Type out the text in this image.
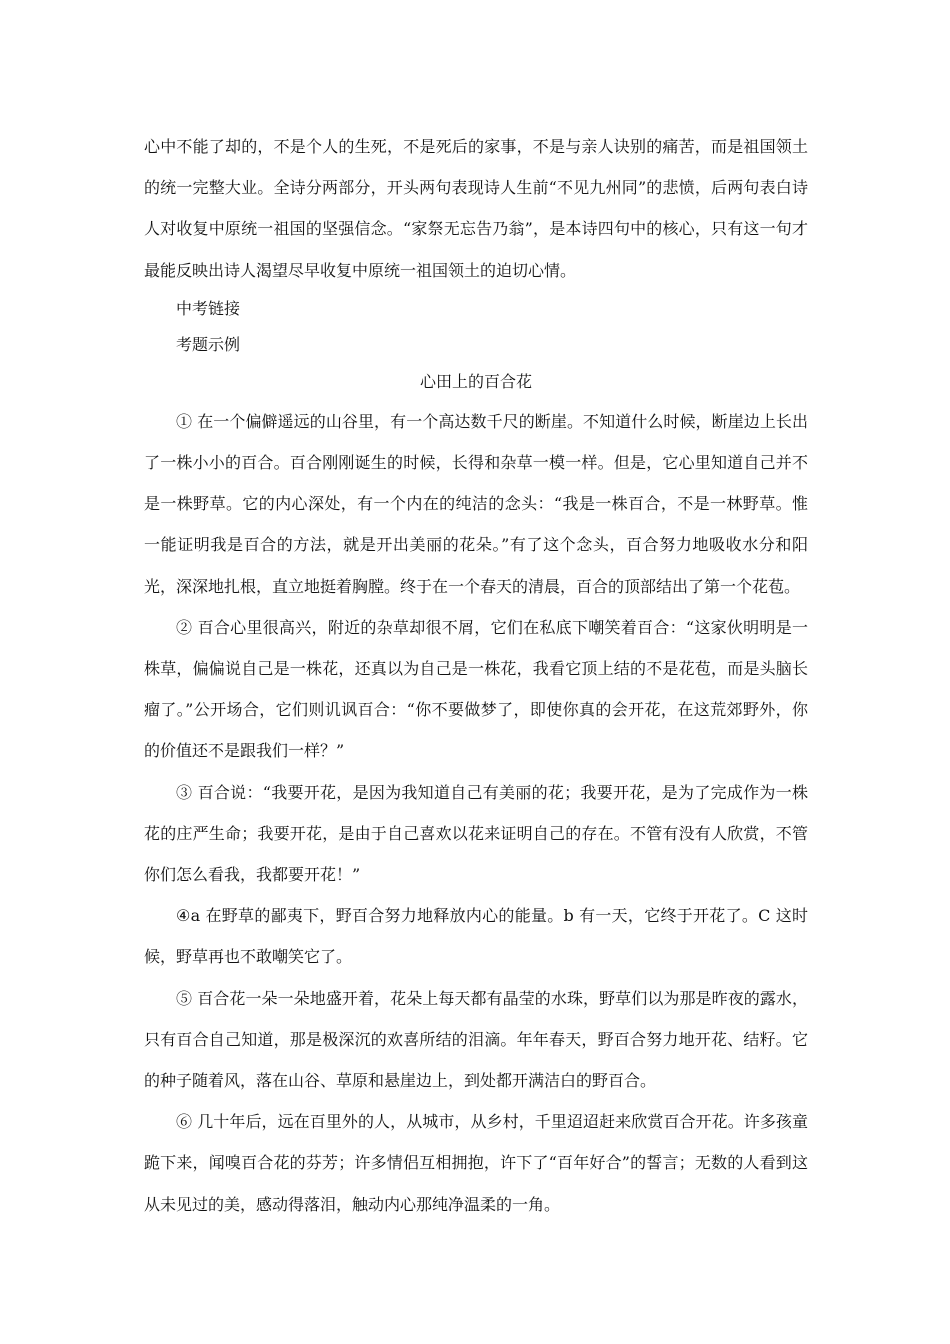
心中不能了却的，不是个人的生死，不是死后的家事，不是与亲人诀别的痛苦，而是祖国领土的统一完整大业。全诗分两部分，开头两句表现诗人生前“不见九州同”的悲愤，后两句表白诗人对收复中原统一祖国的坚强信念。“家祭无忘告乃翁”，是本诗四句中的核心，只有这一句才最能反映出诗人渴望尽早收复中原统一祖国领土的迫切心情。

中考链接

考题示例

心田上的百合花

① 在一个偏僻遥远的山谷里，有一个高达数千尺的断崖。不知道什么时候，断崖边上长出了一株小小的百合。百合刚刚诞生的时候，长得和杂草一模一样。但是，它心里知道自己并不是一株野草。它的内心深处，有一个内在的纯洁的念头：“我是一株百合，不是一林野草。惟一能证明我是百合的方法，就是开出美丽的花朵。”有了这个念头，百合努力地吸收水分和阳光，深深地扎根，直立地挺着胸膛。终于在一个春天的清晨，百合的顶部结出了第一个花苞。

② 百合心里很高兴，附近的杂草却很不屑，它们在私底下嘲笑着百合：“这家伙明明是一株草，偏偏说自己是一株花，还真以为自己是一株花，我看它顶上结的不是花苞，而是头脑长瘤了。”公开场合，它们则讥讽百合：“你不要做梦了，即使你真的会开花，在这荒郊野外，你的价值还不是跟我们一样？”

③ 百合说：“我要开花，是因为我知道自己有美丽的花；我要开花，是为了完成作为一株花的庄严生命；我要开花，是由于自己喜欢以花来证明自己的存在。不管有没有人欣赏，不管你们怎么看我，我都要开花！”

④a 在野草的鄙夷下，野百合努力地释放内心的能量。b 有一天，它终于开花了。C 这时候，野草再也不敢嘲笑它了。

⑤ 百合花一朵一朵地盛开着，花朵上每天都有晶莹的水珠，野草们以为那是昨夜的露水，只有百合自己知道，那是极深沉的欢喜所结的泪滴。年年春天，野百合努力地开花、结籽。它的种子随着风，落在山谷、草原和悬崖边上，到处都开满洁白的野百合。

⑥ 几十年后，远在百里外的人，从城市，从乡村，千里迢迢赶来欣赏百合开花。许多孩童跪下来，闻嗅百合花的芬芳；许多情侣互相拥抱，许下了“百年好合”的誓言；无数的人看到这从未见过的美，感动得落泪，触动内心那纯净温柔的一角。
